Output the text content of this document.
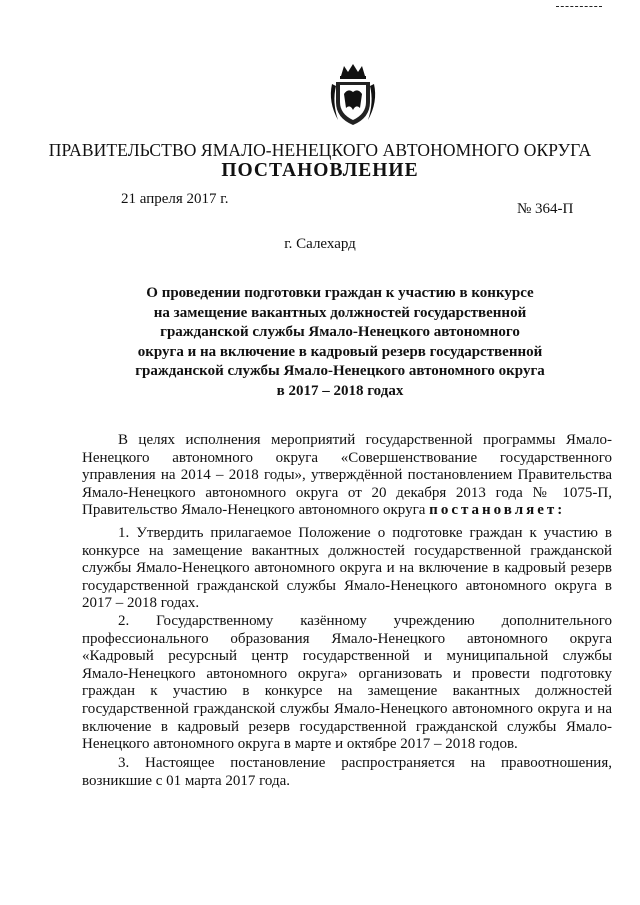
ПРАВИТЕЛЬСТВО ЯМАЛО-НЕНЕЦКОГО АВТОНОМНОГО ОКРУГА
ПОСТАНОВЛЕНИЕ
21 апреля 2017 г.
№ 364-П
г. Салехард
О проведении подготовки граждан к участию в конкурсе
на замещение вакантных должностей государственной
гражданской службы Ямало-Ненецкого автономного
округа и на включение в кадровый резерв государственной
гражданской службы Ямало-Ненецкого автономного округа
в 2017 – 2018 годах
В целях исполнения мероприятий государственной программы Ямало-
Ненецкого автономного округа «Совершенствование государственного
управления на 2014 – 2018 годы», утверждённой постановлением Правительства
Ямало-Ненецкого автономного округа от 20 декабря 2013 года № 1075-П,
Правительство Ямало-Ненецкого автономного округа постановляет:
1. Утвердить прилагаемое Положение о подготовке граждан к участию в
конкурсе на замещение вакантных должностей государственной гражданской
службы Ямало-Ненецкого автономного округа и на включение в кадровый резерв
государственной гражданской службы Ямало-Ненецкого автономного округа в
2017 – 2018 годах.
2. Государственному казённому учреждению дополнительного
профессионального образования Ямало-Ненецкого автономного округа
«Кадровый ресурсный центр государственной и муниципальной службы
Ямало-Ненецкого автономного округа» организовать и провести подготовку
граждан к участию в конкурсе на замещение вакантных должностей
государственной гражданской службы Ямало-Ненецкого автономного округа и на
включение в кадровый резерв государственной гражданской службы Ямало-
Ненецкого автономного округа в марте и октябре 2017 – 2018 годов.
3. Настоящее постановление распространяется на правоотношения,
возникшие с 01 марта 2017 года.
